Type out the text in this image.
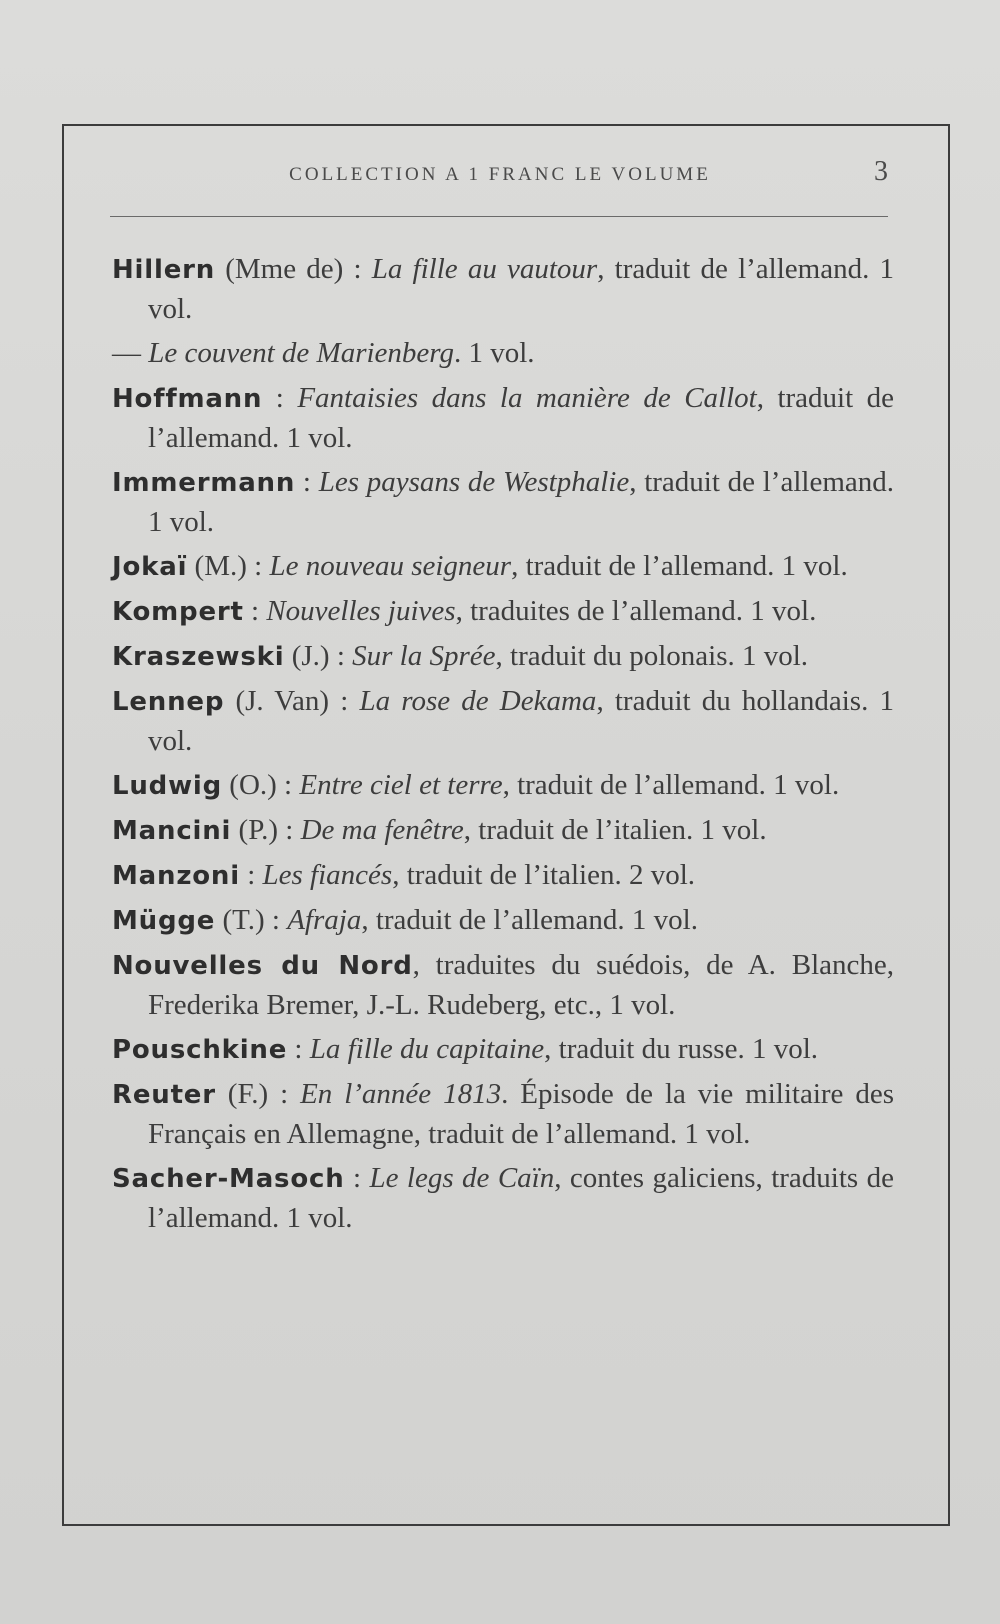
COLLECTION A 1 FRANC LE VOLUME	3

Hillern (Mme de) : La fille au vautour, traduit de l’allemand. 1 vol.

— Le couvent de Marienberg. 1 vol.

Hoffmann : Fantaisies dans la manière de Callot, traduit de l’allemand. 1 vol.

Immermann : Les paysans de Westphalie, traduit de l’allemand. 1 vol.

Jokaï (M.) : Le nouveau seigneur, traduit de l’allemand. 1 vol.

Kompert : Nouvelles juives, traduites de l’allemand. 1 vol.

Kraszewski (J.) : Sur la Sprée, traduit du polonais. 1 vol.

Lennep (J. Van) : La rose de Dekama, traduit du hollandais. 1 vol.

Ludwig (O.) : Entre ciel et terre, traduit de l’allemand. 1 vol.

Mancini (P.) : De ma fenêtre, traduit de l’italien. 1 vol.

Manzoni : Les fiancés, traduit de l’italien. 2 vol.

Mügge (T.) : Afraja, traduit de l’allemand. 1 vol.

Nouvelles du Nord, traduites du suédois, de A. Blanche, Frederika Bremer, J.-L. Rudeberg, etc., 1 vol.

Pouschkine : La fille du capitaine, traduit du russe. 1 vol.

Reuter (F.) : En l’année 1813. Épisode de la vie militaire des Français en Allemagne, traduit de l’allemand. 1 vol.

Sacher-Masoch : Le legs de Caïn, contes galiciens, traduits de l’allemand. 1 vol.
